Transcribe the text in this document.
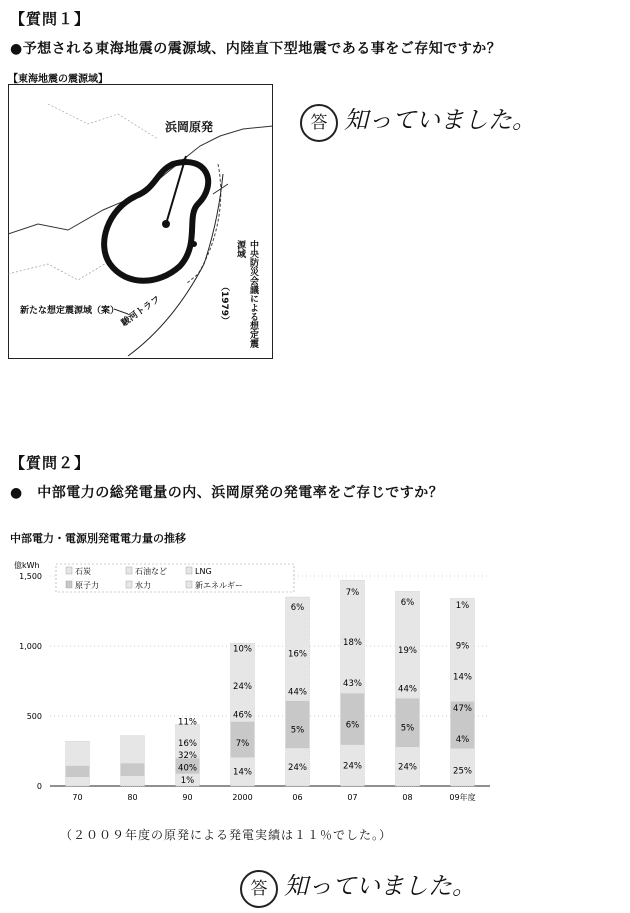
【質問１】
●予想される東海地震の震源域、内陸直下型地震である事をご存知ですか？
【東海地震の震源域】
浜岡原発
中央防災会議による想定震源域
（1979）
新たな想定震源域（案） 駿河トラフ
答 知っていました。
【質問２】
●　中部電力の総発電量の内、浜岡原発の発電率をご存じですか？
中部電力・電源別発電電力量の推移
億kWh
0
500
1,000
1,500
70	80	90
11%
16%
32%
40%
1%
2000
10%
24%
46%
7%
14%
06
6%
16%
44%
5%
24%
07
7%
18%
43%
6%
24%
08
6%
19%
44%
5%
24%
09年度
1%
9%
14%
47%
4%
25%
石炭	石油など	LNG
原子力	水力	新エネルギー
（２００９年度の原発による発電実績は１１％でした。）
答 知っていました。
